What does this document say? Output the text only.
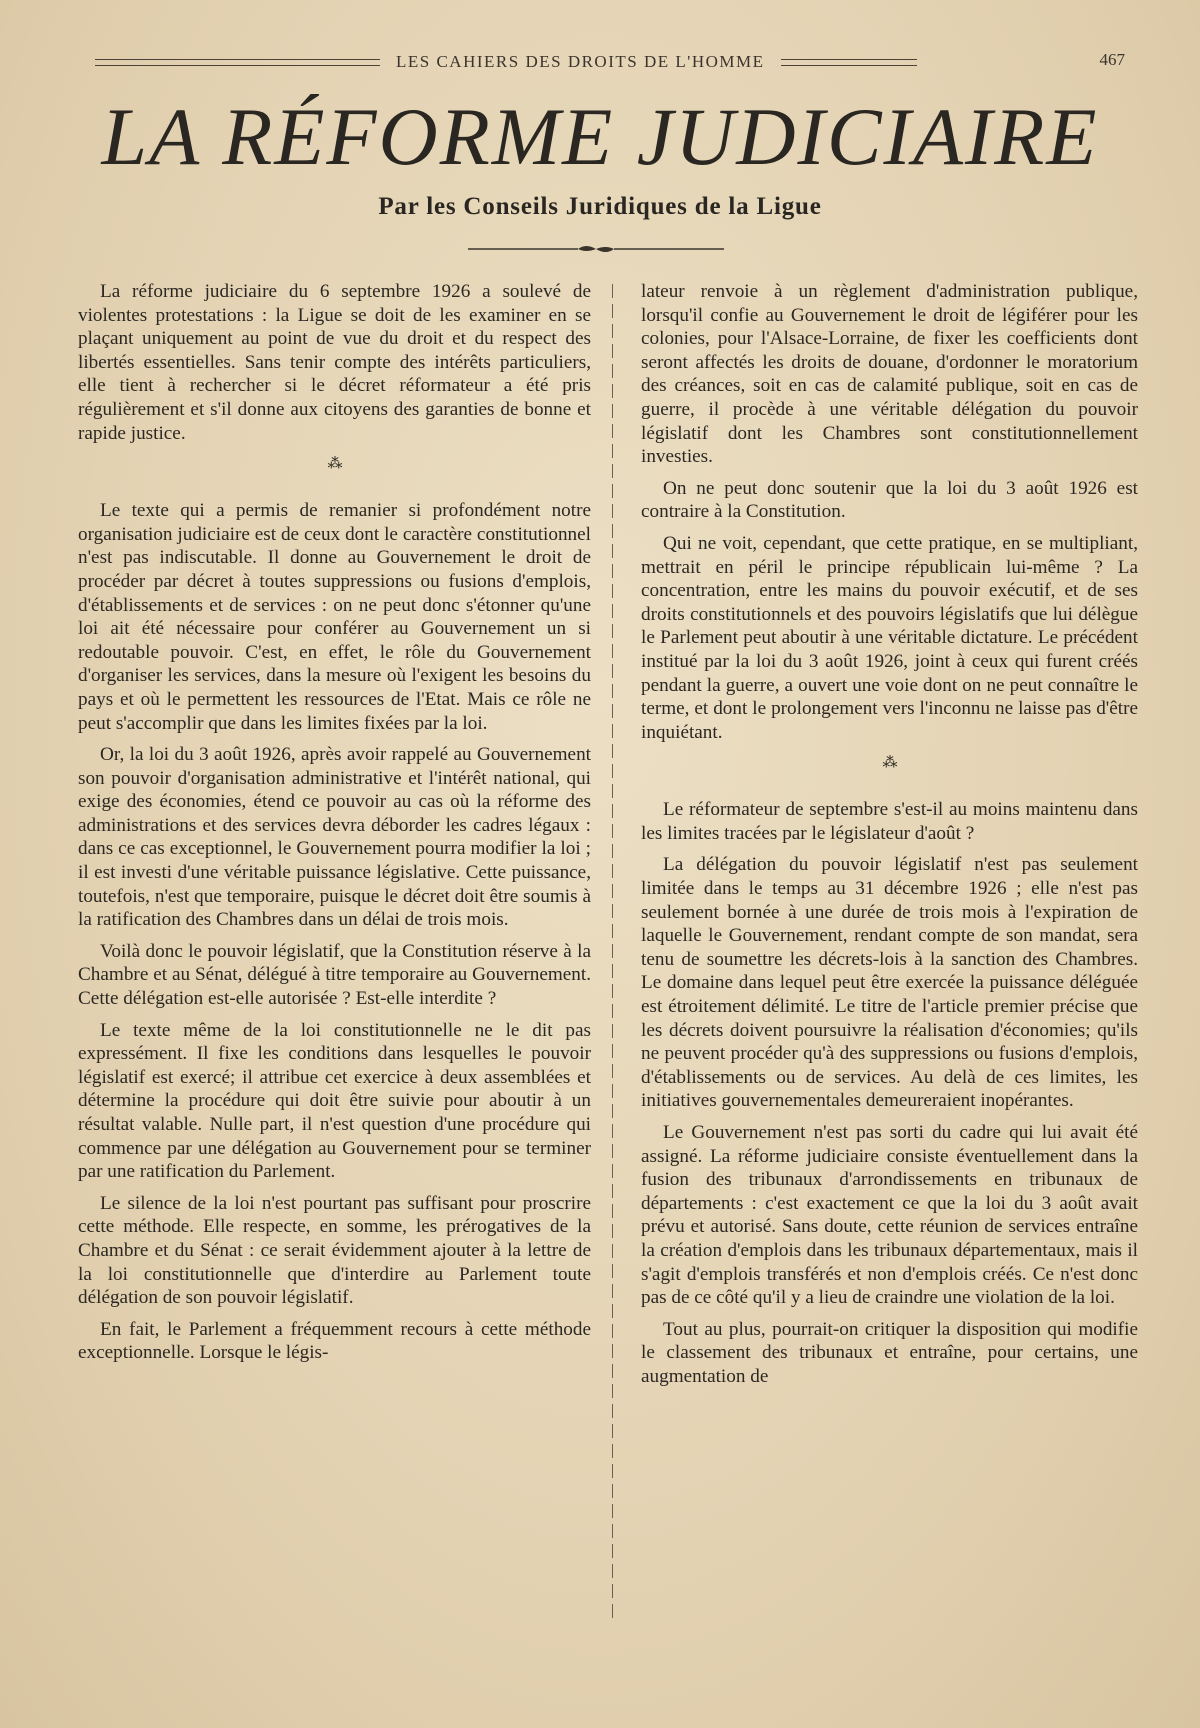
LES CAHIERS DES DROITS DE L'HOMME	467
LA RÉFORME JUDICIAIRE
Par les Conseils Juridiques de la Ligue

La réforme judiciaire du 6 septembre 1926 a soulevé de violentes protestations : la Ligue se doit de les examiner en se plaçant uniquement au point de vue du droit et du respect des libertés essentielles. Sans tenir compte des intérêts particuliers, elle tient à rechercher si le décret réformateur a été pris régulièrement et s'il donne aux citoyens des garanties de bonne et rapide justice.

⁂

Le texte qui a permis de remanier si profondément notre organisation judiciaire est de ceux dont le caractère constitutionnel n'est pas indiscutable. Il donne au Gouvernement le droit de procéder par décret à toutes suppressions ou fusions d'emplois, d'établissements et de services : on ne peut donc s'étonner qu'une loi ait été nécessaire pour conférer au Gouvernement un si redoutable pouvoir. C'est, en effet, le rôle du Gouvernement d'organiser les services, dans la mesure où l'exigent les besoins du pays et où le permettent les ressources de l'Etat. Mais ce rôle ne peut s'accomplir que dans les limites fixées par la loi.

Or, la loi du 3 août 1926, après avoir rappelé au Gouvernement son pouvoir d'organisation administrative et l'intérêt national, qui exige des économies, étend ce pouvoir au cas où la réforme des administrations et des services devra déborder les cadres légaux : dans ce cas exceptionnel, le Gouvernement pourra modifier la loi ; il est investi d'une véritable puissance législative. Cette puissance, toutefois, n'est que temporaire, puisque le décret doit être soumis à la ratification des Chambres dans un délai de trois mois.

Voilà donc le pouvoir législatif, que la Constitution réserve à la Chambre et au Sénat, délégué à titre temporaire au Gouvernement. Cette délégation est-elle autorisée ? Est-elle interdite ?

Le texte même de la loi constitutionnelle ne le dit pas expressément. Il fixe les conditions dans lesquelles le pouvoir législatif est exercé; il attribue cet exercice à deux assemblées et détermine la procédure qui doit être suivie pour aboutir à un résultat valable. Nulle part, il n'est question d'une procédure qui commence par une délégation au Gouvernement pour se terminer par une ratification du Parlement.

Le silence de la loi n'est pourtant pas suffisant pour proscrire cette méthode. Elle respecte, en somme, les prérogatives de la Chambre et du Sénat : ce serait évidemment ajouter à la lettre de la loi constitutionnelle que d'interdire au Parlement toute délégation de son pouvoir législatif.

En fait, le Parlement a fréquemment recours à cette méthode exceptionnelle. Lorsque le légis-

lateur renvoie à un règlement d'administration publique, lorsqu'il confie au Gouvernement le droit de légiférer pour les colonies, pour l'Alsace-Lorraine, de fixer les coefficients dont seront affectés les droits de douane, d'ordonner le moratorium des créances, soit en cas de calamité publique, soit en cas de guerre, il procède à une véritable délégation du pouvoir législatif dont les Chambres sont constitutionnellement investies.

On ne peut donc soutenir que la loi du 3 août 1926 est contraire à la Constitution.

Qui ne voit, cependant, que cette pratique, en se multipliant, mettrait en péril le principe républicain lui-même ? La concentration, entre les mains du pouvoir exécutif, et de ses droits constitutionnels et des pouvoirs législatifs que lui délègue le Parlement peut aboutir à une véritable dictature. Le précédent institué par la loi du 3 août 1926, joint à ceux qui furent créés pendant la guerre, a ouvert une voie dont on ne peut connaître le terme, et dont le prolongement vers l'inconnu ne laisse pas d'être inquiétant.

⁂

Le réformateur de septembre s'est-il au moins maintenu dans les limites tracées par le législateur d'août ?

La délégation du pouvoir législatif n'est pas seulement limitée dans le temps au 31 décembre 1926 ; elle n'est pas seulement bornée à une durée de trois mois à l'expiration de laquelle le Gouvernement, rendant compte de son mandat, sera tenu de soumettre les décrets-lois à la sanction des Chambres. Le domaine dans lequel peut être exercée la puissance déléguée est étroitement délimité. Le titre de l'article premier précise que les décrets doivent poursuivre la réalisation d'économies; qu'ils ne peuvent procéder qu'à des suppressions ou fusions d'emplois, d'établissements ou de services. Au delà de ces limites, les initiatives gouvernementales demeureraient inopérantes.

Le Gouvernement n'est pas sorti du cadre qui lui avait été assigné. La réforme judiciaire consiste éventuellement dans la fusion des tribunaux d'arrondissements en tribunaux de départements : c'est exactement ce que la loi du 3 août avait prévu et autorisé. Sans doute, cette réunion de services entraîne la création d'emplois dans les tribunaux départementaux, mais il s'agit d'emplois transférés et non d'emplois créés. Ce n'est donc pas de ce côté qu'il y a lieu de craindre une violation de la loi.

Tout au plus, pourrait-on critiquer la disposition qui modifie le classement des tribunaux et entraîne, pour certains, une augmentation de
